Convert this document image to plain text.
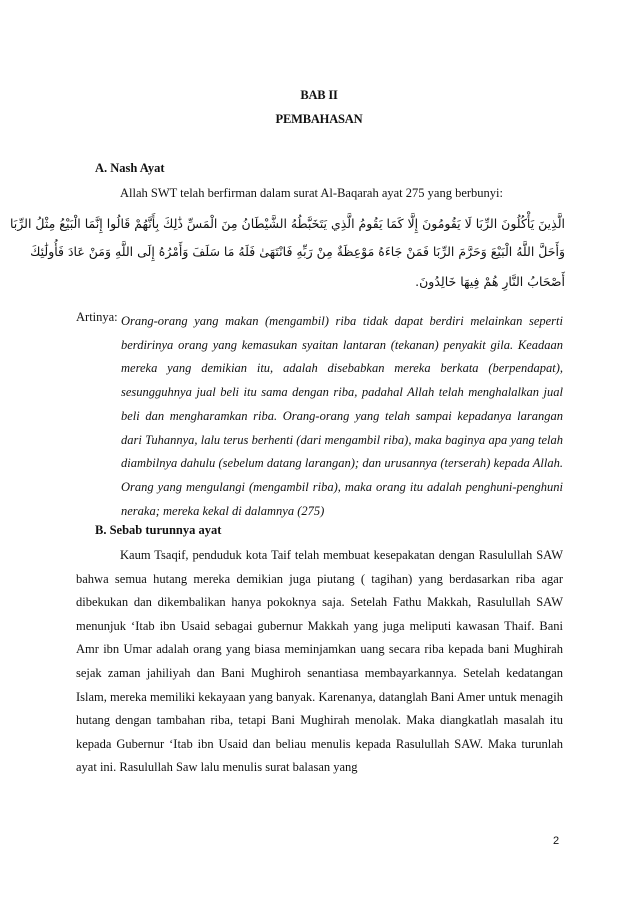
BAB II
PEMBAHASAN
A. Nash Ayat
Allah SWT telah berfirman dalam surat Al-Baqarah ayat 275 yang berbunyi:
الَّذِينَ يَأْكُلُونَ الرِّبَا لَا يَقُومُونَ إِلَّا كَمَا يَقُومُ الَّذِي يَتَخَبَّطُهُ الشَّيْطَانُ مِنَ الْمَسِّ ذَٰلِكَ بِأَنَّهُمْ قَالُوا إِنَّمَا الْبَيْعُ مِثْلُ الرِّبَا
وَأَحَلَّ اللَّهُ الْبَيْعَ وَحَرَّمَ الرِّبَا فَمَنْ جَاءَهُ مَوْعِظَةٌ مِنْ رَبِّهِ فَانْتَهَىٰ فَلَهُ مَا سَلَفَ وَأَمْرُهُ إِلَى اللَّهِ وَمَنْ عَادَ فَأُولَٰئِكَ
أَصْحَابُ النَّارِ هُمْ فِيهَا خَالِدُونَ.
Artinya: Orang-orang yang makan (mengambil) riba tidak dapat berdiri melainkan seperti berdirinya orang yang kemasukan syaitan lantaran (tekanan) penyakit gila. Keadaan mereka yang demikian itu, adalah disebabkan mereka berkata (berpendapat), sesungguhnya jual beli itu sama dengan riba, padahal Allah telah menghalalkan jual beli dan mengharamkan riba. Orang-orang yang telah sampai kepadanya larangan dari Tuhannya, lalu terus berhenti (dari mengambil riba), maka baginya apa yang telah diambilnya dahulu (sebelum datang larangan); dan urusannya (terserah) kepada Allah. Orang yang mengulangi (mengambil riba), maka orang itu adalah penghuni-penghuni neraka; mereka kekal di dalamnya (275)

B. Sebab turunnya ayat

Kaum Tsaqif, penduduk kota Taif telah membuat kesepakatan dengan Rasulullah SAW bahwa semua hutang mereka demikian juga piutang ( tagihan) yang berdasarkan riba agar dibekukan dan dikembalikan hanya pokoknya saja. Setelah Fathu Makkah, Rasulullah SAW menunjuk ‘Itab ibn Usaid sebagai gubernur Makkah yang juga meliputi kawasan Thaif. Bani Amr ibn Umar adalah orang yang biasa meminjamkan uang secara riba kepada bani Mughirah sejak zaman jahiliyah dan Bani Mughiroh senantiasa membayarkannya. Setelah kedatangan Islam, mereka memiliki kekayaan yang banyak. Karenanya, datanglah Bani Amer untuk menagih hutang dengan tambahan riba, tetapi Bani Mughirah menolak. Maka diangkatlah masalah itu kepada Gubernur ‘Itab ibn Usaid dan beliau menulis kepada Rasulullah SAW. Maka turunlah ayat ini. Rasulullah Saw lalu menulis surat balasan yang

2
